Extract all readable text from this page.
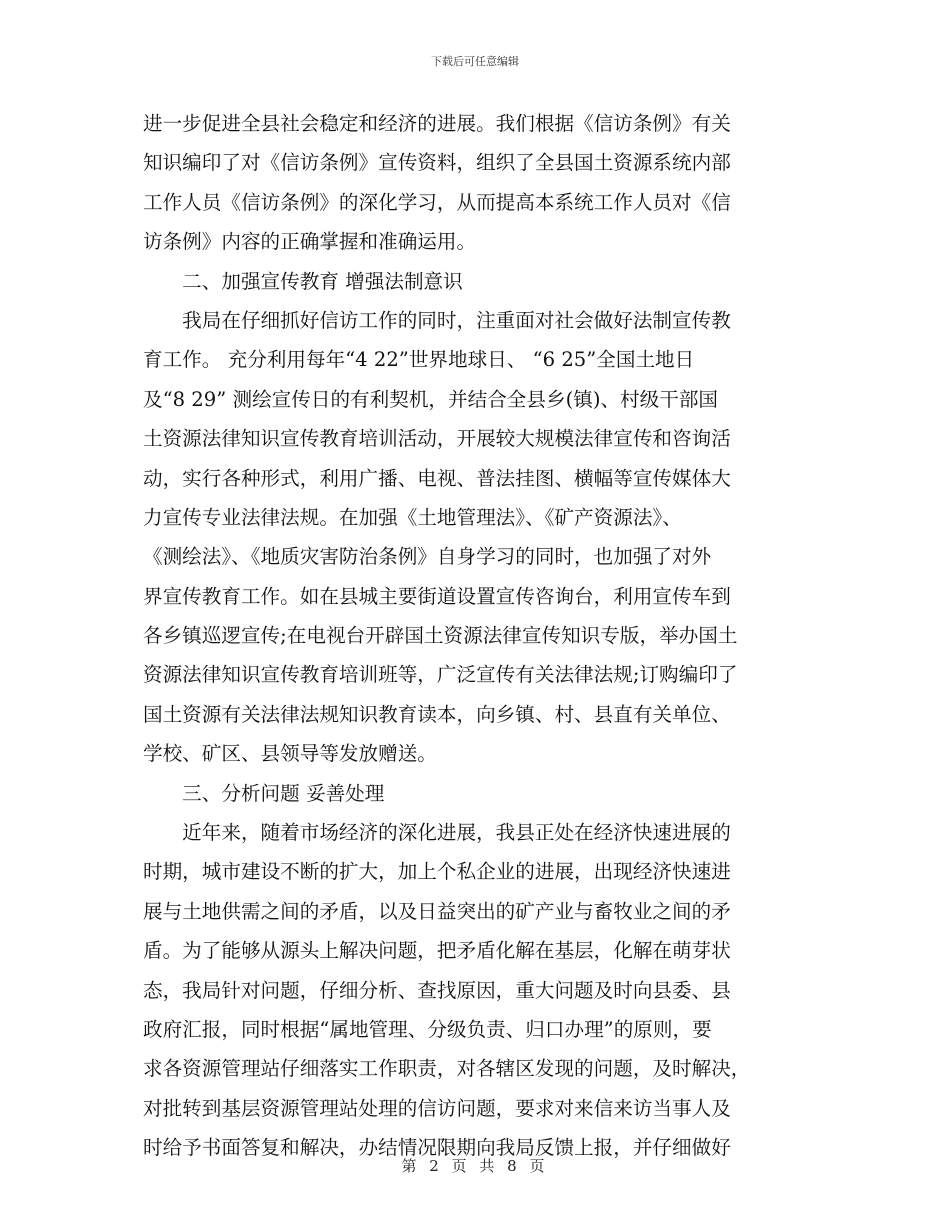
下载后可任意编辑
进一步促进全县社会稳定和经济的进展。我们根据《信访条例》有关
知识编印了对《信访条例》宣传资料，组织了全县国土资源系统内部
工作人员《信访条例》的深化学习，从而提高本系统工作人员对《信
访条例》内容的正确掌握和准确运用。
　　二、加强宣传教育 增强法制意识
　　我局在仔细抓好信访工作的同时，注重面对社会做好法制宣传教
育工作。 充分利用每年“4 22”世界地球日、 “6 25”全国土地日
及“8 29” 测绘宣传日的有利契机，并结合全县乡(镇)、村级干部国
土资源法律知识宣传教育培训活动，开展较大规模法律宣传和咨询活
动，实行各种形式，利用广播、电视、普法挂图、横幅等宣传媒体大
力宣传专业法律法规。在加强《土地管理法》、《矿产资源法》、
《测绘法》、《地质灾害防治条例》自身学习的同时，也加强了对外
界宣传教育工作。如在县城主要街道设置宣传咨询台，利用宣传车到
各乡镇巡逻宣传;在电视台开辟国土资源法律宣传知识专版，举办国土
资源法律知识宣传教育培训班等，广泛宣传有关法律法规;订购编印了
国土资源有关法律法规知识教育读本，向乡镇、村、县直有关单位、
学校、矿区、县领导等发放赠送。
　　三、分析问题 妥善处理
　　近年来，随着市场经济的深化进展，我县正处在经济快速进展的
时期，城市建设不断的扩大，加上个私企业的进展，出现经济快速进
展与土地供需之间的矛盾，以及日益突出的矿产业与畜牧业之间的矛
盾。为了能够从源头上解决问题，把矛盾化解在基层，化解在萌芽状
态，我局针对问题，仔细分析、查找原因，重大问题及时向县委、县
政府汇报，同时根据“属地管理、分级负责、归口办理”的原则，要
求各资源管理站仔细落实工作职责，对各辖区发现的问题，及时解决，
对批转到基层资源管理站处理的信访问题，要求对来信来访当事人及
时给予书面答复和解决，办结情况限期向我局反馈上报，并仔细做好
第 2 页 共 8 页
